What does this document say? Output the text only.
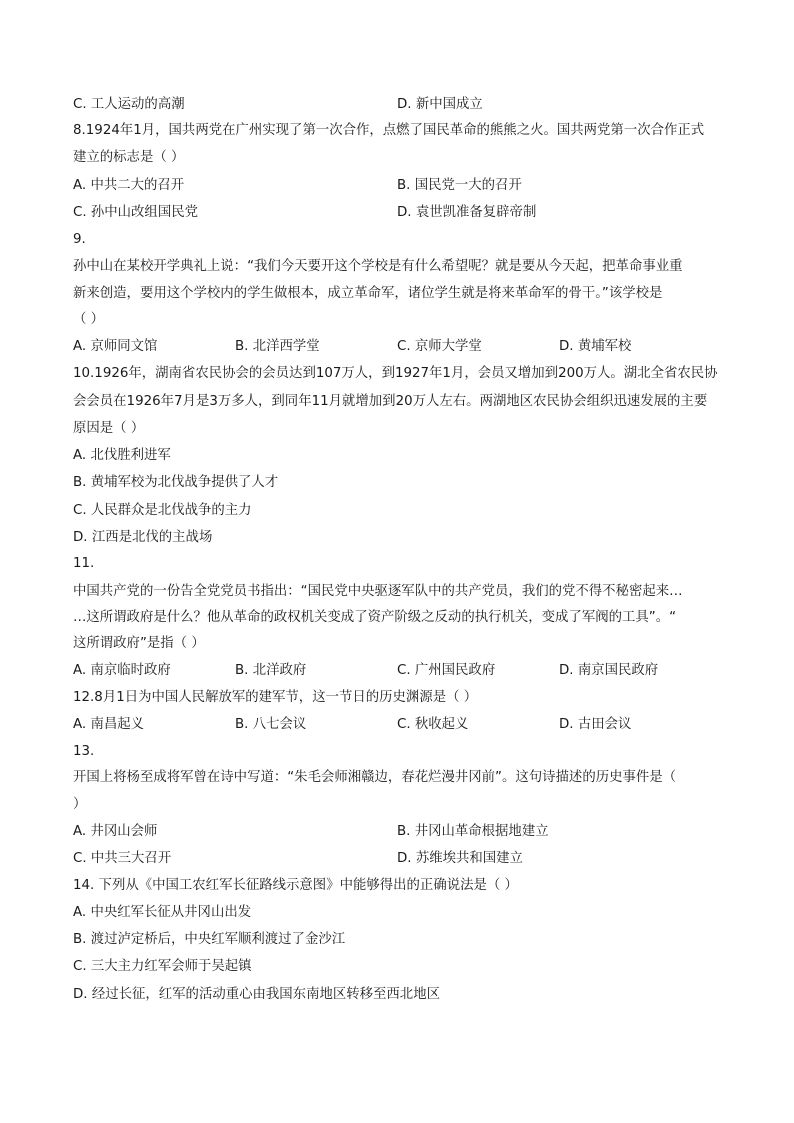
C. 工人运动的高潮	D. 新中国成立
8.1924年1月，国共两党在广州实现了第一次合作，点燃了国民革命的熊熊之火。国共两党第一次合作正式
建立的标志是（ ）
A. 中共二大的召开	B. 国民党一大的召开
C. 孙中山改组国民党	D. 袁世凯准备复辟帝制
9.
孙中山在某校开学典礼上说：“我们今天要开这个学校是有什么希望呢？就是要从今天起，把革命事业重
新来创造，要用这个学校内的学生做根本，成立革命军，诸位学生就是将来革命军的骨干。”该学校是
（ ）
A. 京师同文馆	B. 北洋西学堂	C. 京师大学堂	D. 黄埔军校
10.1926年，湖南省农民协会的会员达到107万人，到1927年1月，会员又增加到200万人。湖北全省农民协
会会员在1926年7月是3万多人，到同年11月就增加到20万人左右。两湖地区农民协会组织迅速发展的主要
原因是（ ）
A. 北伐胜利进军
B. 黄埔军校为北伐战争提供了人才
C. 人民群众是北伐战争的主力
D. 江西是北伐的主战场
11.
中国共产党的一份告全党党员书指出：“国民党中央驱逐军队中的共产党员，我们的党不得不秘密起来…
…这所谓政府是什么？他从革命的政权机关变成了资产阶级之反动的执行机关，变成了军阀的工具”。“
这所谓政府”是指（ ）
A. 南京临时政府	B. 北洋政府	C. 广州国民政府	D. 南京国民政府
12.8月1日为中国人民解放军的建军节，这一节日的历史渊源是（ ）
A. 南昌起义	B. 八七会议	C. 秋收起义	D. 古田会议
13.
开国上将杨至成将军曾在诗中写道：“朱毛会师湘赣边，春花烂漫井冈前”。这句诗描述的历史事件是（
）
A. 井冈山会师	B. 井冈山革命根据地建立
C. 中共三大召开	D. 苏维埃共和国建立
14. 下列从《中国工农红军长征路线示意图》中能够得出的正确说法是（ ）
A. 中央红军长征从井冈山出发
B. 渡过泸定桥后，中央红军顺利渡过了金沙江
C. 三大主力红军会师于吴起镇
D. 经过长征，红军的活动重心由我国东南地区转移至西北地区
